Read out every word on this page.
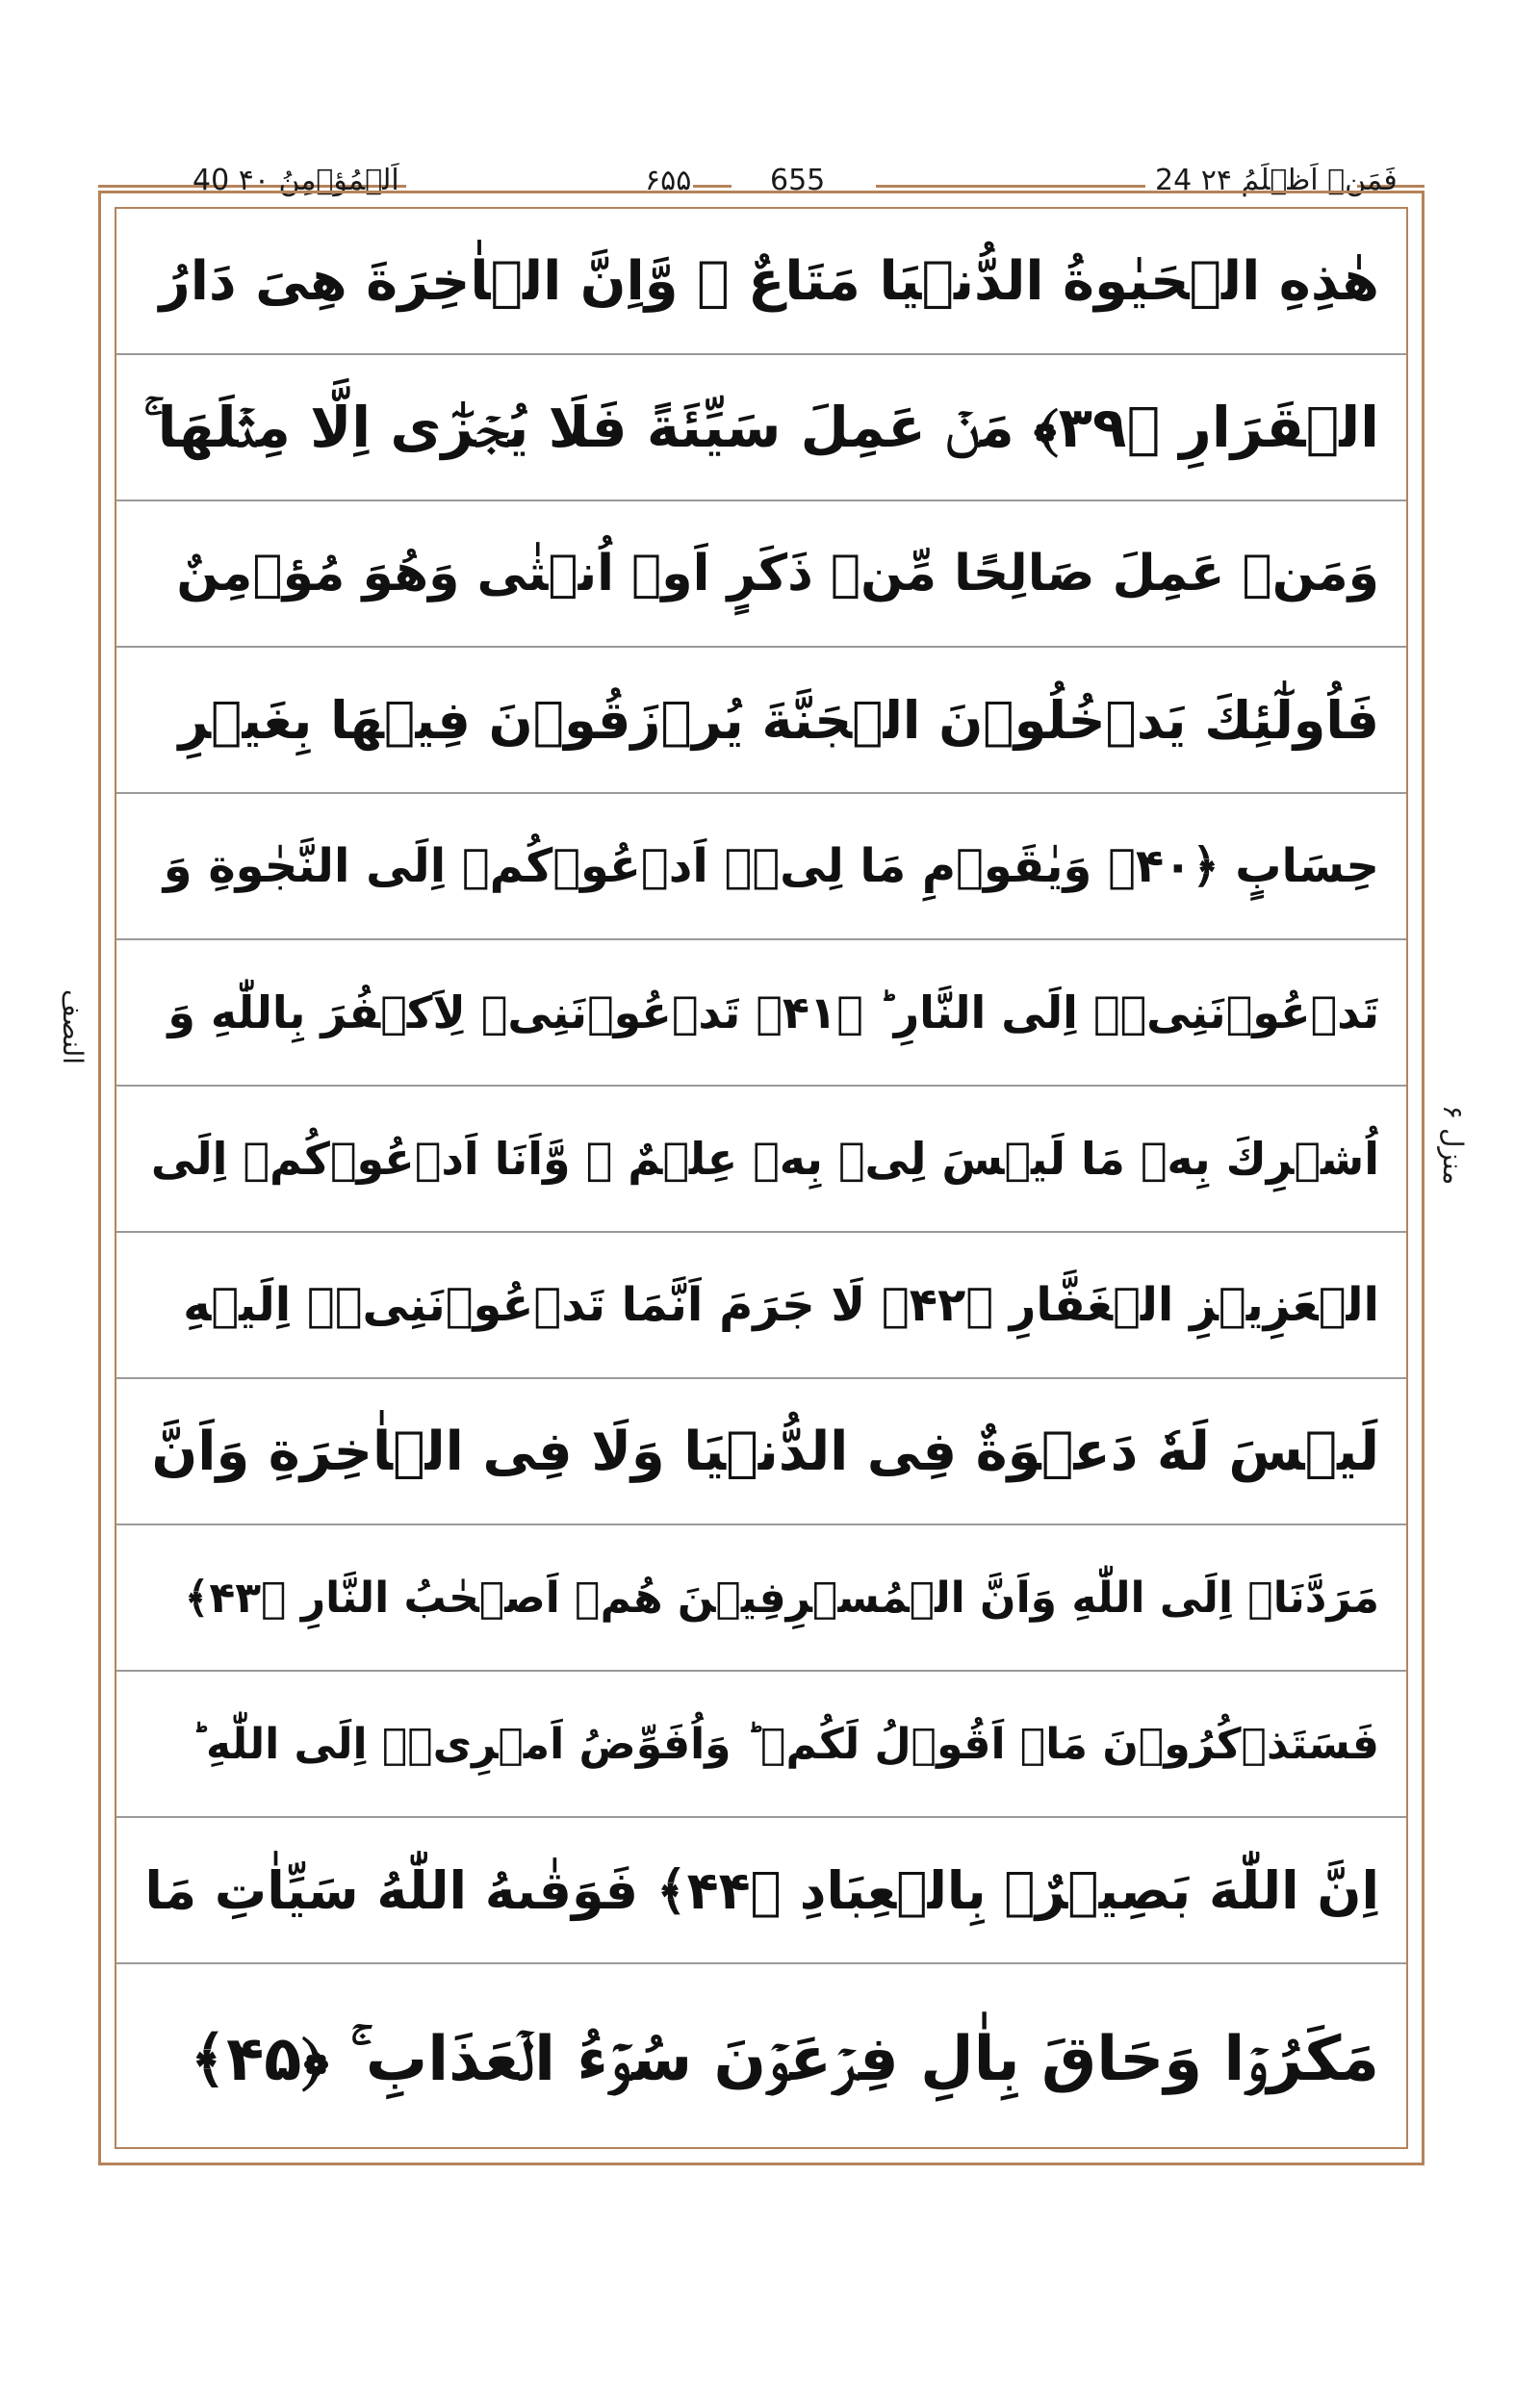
40 اَلۡمُؤۡمِنُ ۴۰	۶۵۵	655	24 فَمَنۡ اَظۡلَمُ ۲۴
النصف
منزل ۶
هٰذِهِ الۡحَيٰوةُ الدُّنۡيَا مَتَاعٌ ۫ وَّاِنَّ الۡاٰخِرَةَ هِىَ دَارُ
الۡقَرَارِ ﴿۳۹﴾ مَنۡ عَمِلَ سَيِّئَةً فَلَا يُجۡزٰٓى اِلَّا مِثۡلَهَا ۚ
وَمَنۡ عَمِلَ صَالِحًا مِّنۡ ذَكَرٍ اَوۡ اُنۡثٰى وَهُوَ مُؤۡمِنٌ
فَاُولٰٓئِكَ يَدۡخُلُوۡنَ الۡجَنَّةَ يُرۡزَقُوۡنَ فِيۡهَا بِغَيۡرِ
حِسَابٍ ﴿۴۰﴾ وَيٰقَوۡمِ مَا لِىۡۤ اَدۡعُوۡكُمۡ اِلَى النَّجٰوةِ وَ
تَدۡعُوۡنَنِىۡۤ اِلَى النَّارِ ؕ ﴿۴۱﴾ تَدۡعُوۡنَنِىۡ لِاَكۡفُرَ بِاللّٰهِ وَ
اُشۡرِكَ بِهٖ مَا لَيۡسَ لِىۡ بِهٖ عِلۡمٌ ۫ وَّاَنَا اَدۡعُوۡكُمۡ اِلَى
الۡعَزِيۡزِ الۡغَفَّارِ ﴿۴۲﴾ لَا جَرَمَ اَنَّمَا تَدۡعُوۡنَنِىۡۤ اِلَيۡهِ
لَيۡسَ لَهٗ دَعۡوَةٌ فِى الدُّنۡيَا وَلَا فِى الۡاٰخِرَةِ وَاَنَّ
مَرَدَّنَاۤ اِلَى اللّٰهِ وَاَنَّ الۡمُسۡرِفِيۡنَ هُمۡ اَصۡحٰبُ النَّارِ ﴿۴۳﴾
فَسَتَذۡكُرُوۡنَ مَاۤ اَقُوۡلُ لَكُمۡ ؕ وَاُفَوِّضُ اَمۡرِىۡۤ اِلَى اللّٰهِ ؕ
اِنَّ اللّٰهَ بَصِيۡرٌۢ بِالۡعِبَادِ ﴿۴۴﴾ فَوَقٰٮهُ اللّٰهُ سَيِّاٰتِ مَا
مَكَرُوۡا وَحَاقَ بِاٰلِ فِرۡعَوۡنَ سُوۡٓءُ الۡعَذَابِ ۚ ﴿۴۵﴾
